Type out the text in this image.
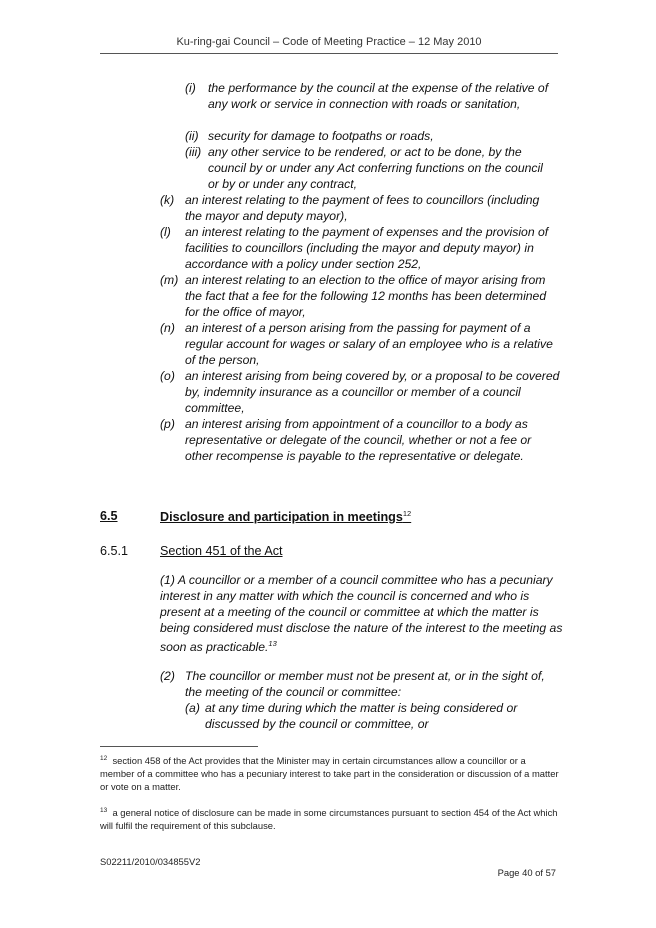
Ku-ring-gai Council – Code of Meeting Practice – 12 May 2010
(i) the performance by the council at the expense of the relative of any work or service in connection with roads or sanitation,
(ii) security for damage to footpaths or roads,
(iii) any other service to be rendered, or act to be done, by the council by or under any Act conferring functions on the council or by or under any contract,
(k) an interest relating to the payment of fees to councillors (including the mayor and deputy mayor),
(l) an interest relating to the payment of expenses and the provision of facilities to councillors (including the mayor and deputy mayor) in accordance with a policy under section 252,
(m) an interest relating to an election to the office of mayor arising from the fact that a fee for the following 12 months has been determined for the office of mayor,
(n) an interest of a person arising from the passing for payment of a regular account for wages or salary of an employee who is a relative of the person,
(o) an interest arising from being covered by, or a proposal to be covered by, indemnity insurance as a councillor or member of a council committee,
(p) an interest arising from appointment of a councillor to a body as representative or delegate of the council, whether or not a fee or other recompense is payable to the representative or delegate.
6.5	Disclosure and participation in meetings$^{12}$
6.5.1	Section 451 of the Act
(1) A councillor or a member of a council committee who has a pecuniary interest in any matter with which the council is concerned and who is present at a meeting of the council or committee at which the matter is being considered must disclose the nature of the interest to the meeting as soon as practicable.$^{13}$
(2) The councillor or member must not be present at, or in the sight of, the meeting of the council or committee:
(a) at any time during which the matter is being considered or discussed by the council or committee, or
$^{12}$ section 458 of the Act provides that the Minister may in certain circumstances allow a councillor or a member of a committee who has a pecuniary interest to take part in the consideration or discussion of a matter or vote on a matter.
$^{13}$ a general notice of disclosure can be made in some circumstances pursuant to section 454 of the Act which will fulfil the requirement of this subclause.
S02211/2010/034855V2
Page 40 of 57
